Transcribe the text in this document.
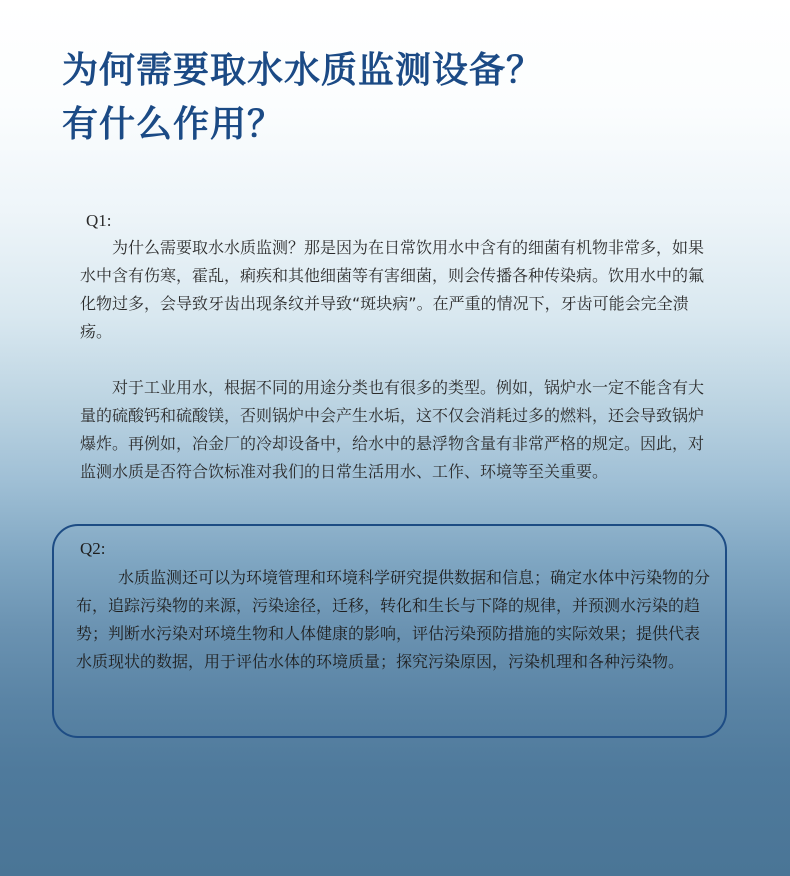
为何需要取水水质监测设备？
有什么作用？
Q1:

为什么需要取水水质监测？那是因为在日常饮用水中含有的细菌有机物非常多，如果水中含有伤寒，霍乱，痢疾和其他细菌等有害细菌，则会传播各种传染病。饮用水中的氟化物过多，会导致牙齿出现条纹并导致“斑块病”。在严重的情况下，牙齿可能会完全溃疡。

对于工业用水，根据不同的用途分类也有很多的类型。例如，锅炉水一定不能含有大量的硫酸钙和硫酸镁，否则锅炉中会产生水垢，这不仅会消耗过多的燃料，还会导致锅炉爆炸。再例如，冶金厂的冷却设备中，给水中的悬浮物含量有非常严格的规定。因此，对监测水质是否符合饮标准对我们的日常生活用水、工作、环境等至关重要。

Q2:

水质监测还可以为环境管理和环境科学研究提供数据和信息；确定水体中污染物的分布，追踪污染物的来源，污染途径，迁移，转化和生长与下降的规律，并预测水污染的趋势；判断水污染对环境生物和人体健康的影响，评估污染预防措施的实际效果；提供代表水质现状的数据，用于评估水体的环境质量；探究污染原因，污染机理和各种污染物。
